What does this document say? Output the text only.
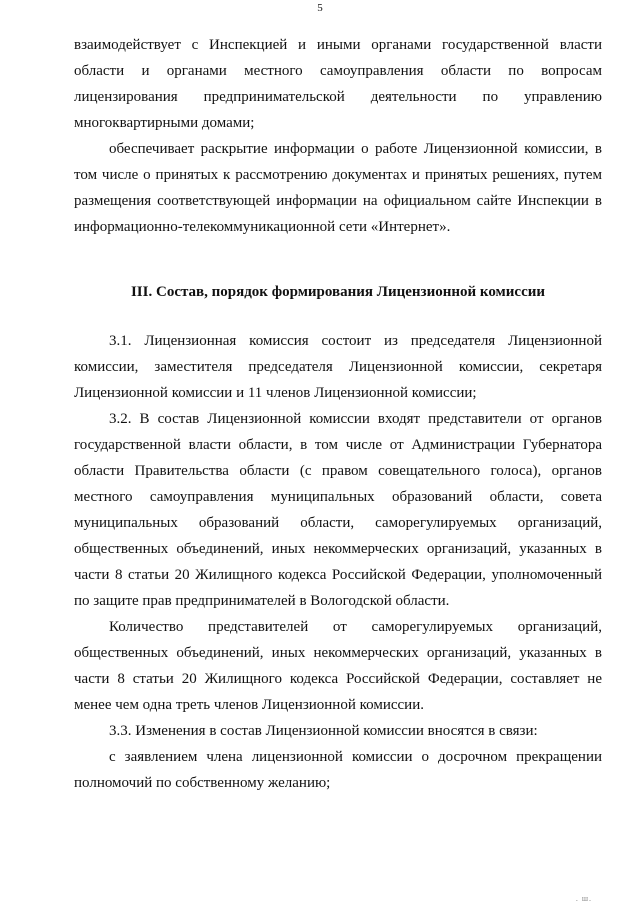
5

взаимодействует с Инспекцией и иными органами государственной власти области и органами местного самоуправления области по вопросам лицензирования предпринимательской деятельности по управлению многоквартирными домами;

обеспечивает раскрытие информации о работе Лицензионной комиссии, в том числе о принятых к рассмотрению документах и принятых решениях, путем размещения соответствующей информации на официальном сайте Инспекции в информационно-телекоммуникационной сети «Интернет».

III. Состав, порядок формирования Лицензионной комиссии

3.1. Лицензионная комиссия состоит из председателя Лицензионной комиссии, заместителя председателя Лицензионной комиссии, секретаря Лицензионной комиссии и 11 членов Лицензионной комиссии;

3.2. В состав Лицензионной комиссии входят представители от органов государственной власти области, в том числе от Администрации Губернатора области Правительства области (с правом совещательного голоса), органов местного самоуправления муниципальных образований области, совета муниципальных образований области, саморегулируемых организаций, общественных объединений, иных некоммерческих организаций, указанных в части 8 статьи 20 Жилищного кодекса Российской Федерации, уполномоченный по защите прав предпринимателей в Вологодской области.

Количество представителей от саморегулируемых организаций, общественных объединений, иных некоммерческих организаций, указанных в части 8 статьи 20 Жилищного кодекса Российской Федерации, составляет не менее чем одна треть членов Лицензионной комиссии.

3.3. Изменения в состав Лицензионной комиссии вносятся в связи:

с заявлением члена лицензионной комиссии о досрочном прекращении полномочий по собственному желанию;

. ш.
